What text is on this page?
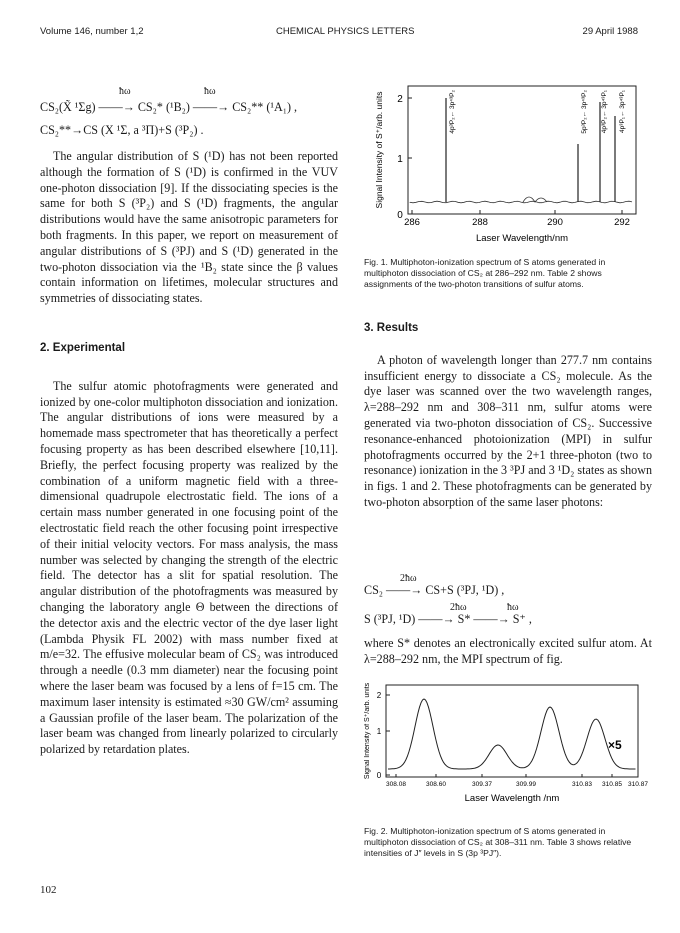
Volume 146, number 1,2	CHEMICAL PHYSICS LETTERS	29 April 1988
ħω	ħω
CS₂(X̃ ¹Σg) ——→ CS₂* (¹B₂) ——→ CS₂** (¹A₁) ,
CS₂**→CS (X ¹Σ, a ³Π)+S (³P₂) .

The angular distribution of S (¹D) has not been reported although the formation of S (¹D) is confirmed in the VUV one-photon dissociation [9]. If the dissociating species is the same for both S (³P₂) and S (¹D) fragments, the angular distributions would have the same anisotropic parameters for both fragments. In this paper, we report on measurement of angular distributions of S (³PJ) and S (¹D) generated in the two-photon dissociation via the ¹B₂ state since the β values contain information on lifetimes, molecular structures and symmetries of dissociating states.

2. Experimental

The sulfur atomic photofragments were generated and ionized by one-color multiphoton dissociation and ionization. The angular distributions of ions were measured by a homemade mass spectrometer that has theoretically a perfect focusing property as has been described elsewhere [10,11]. Briefly, the perfect focusing property was realized by the combination of a uniform magnetic field with a three-dimensional quadrupole electrostatic field. The ions of a certain mass number generated in one focusing point of the electrostatic field reach the other focusing point irrespective of their initial velocity vectors. For mass analysis, the mass number was selected by changing the strength of the electric field. The detector has a slit for spatial resolution. The angular distribution of the photofragments was measured by changing the laboratory angle Θ between the directions of the detector axis and the electric vector of the dye laser light (Lambda Physik FL 2002) with mass number fixed at m/e=32. The effusive molecular beam of CS₂ was introduced through a needle (0.3 mm diameter) near the focusing point where the laser beam was focused by a lens of f=15 cm. The maximum laser intensity is estimated ≈30 GW/cm² assuming a Gaussian profile of the laser beam. The polarization of the laser beam was changed from linearly polarized to circularly polarized by retardation plates.

0
1
2
286	288	290	292
Laser Wavelength/nm
Signal Intensity of S⁺/arb. units	4p³P₂← 3p⁴³P₂	5p³P₂← 3p⁴³P₂ 4p³P₂← 3p⁴³P₁ 4p³P₁← 3p⁴³P₁
Fig. 1. Multiphoton-ionization spectrum of S atoms generated in multiphoton dissociation of CS₂ at 286–292 nm. Table 2 shows assignments of the two-photon transitions of sulfur atoms.
3. Results

A photon of wavelength longer than 277.7 nm contains insufficient energy to dissociate a CS₂ molecule. As the dye laser was scanned over the two wavelength ranges, λ=288–292 nm and 308–311 nm, sulfur atoms were generated via two-photon dissociation of CS₂. Successive resonance-enhanced photoionization (MPI) in sulfur photofragments occurred by the 2+1 three-photon (two to resonance) ionization in the 3 ³PJ and 3 ¹D₂ states as shown in figs. 1 and 2. These photofragments can be generated by two-photon absorption of the same laser photons:

2ħω
CS₂ ——→ CS+S (³PJ, ¹D) ,
2ħω	ħω
S (³PJ, ¹D) ——→ S* ——→ S⁺ ,

where S* denotes an electronically excited sulfur atom. At λ=288–292 nm, the MPI spectrum of fig.

0
1
2
308.08	308.60	309.37	309.99	310.83 310.85 310.87
Laser Wavelength /nm
Signal Intensity of S⁺/arb. units	×5
Fig. 2. Multiphoton-ionization spectrum of S atoms generated in multiphoton dissociation of CS₂ at 308–311 nm. Table 3 shows relative intensities of J″ levels in S (3p ³PJ″).
102
